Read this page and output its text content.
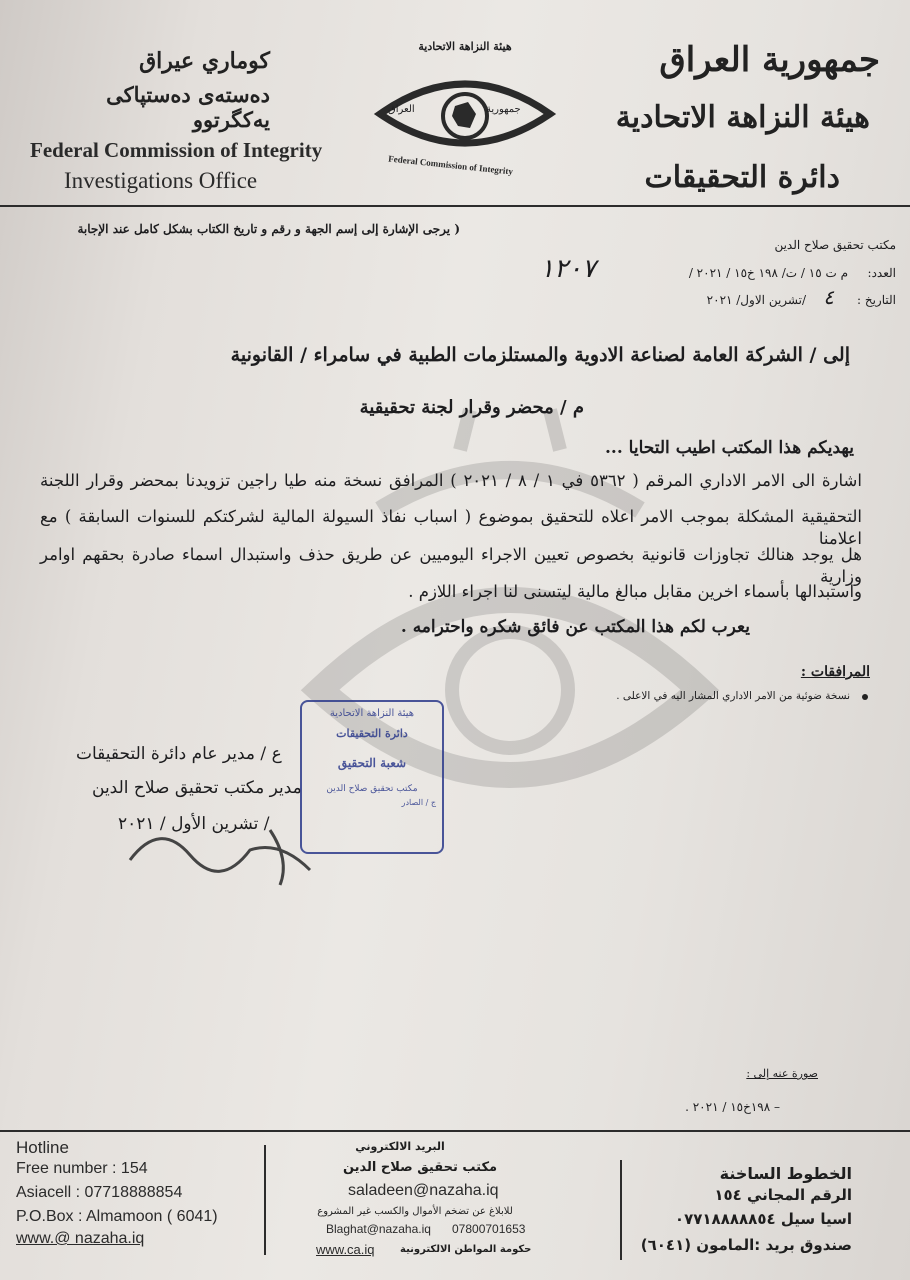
جمهورية العراق
هيئة النزاهة الاتحادية
دائرة التحقيقات
هيئة النزاهة الاتحادية
العراق	جمهورية
Federal Commission of Integrity
كوماري عيراق
دەستەی دەستپاکی یەکگرتوو
Federal Commission of Integrity
Investigations Office
( يرجى الإشارة إلى إسم الجهة و رقم و تاريخ الكتاب بشكل كامل عند الإجابة
مكتب تحقيق صلاح الدين
العدد:
م ت ١٥ / ت/ ١٩٨ خ١٥ / ٢٠٢١ /
١٢٠٧
التاريخ :
٤
/تشرين الاول/ ٢٠٢١
إلى / الشركة العامة لصناعة الادوية والمستلزمات الطبية في سامراء / القانونية
م / محضر وقرار لجنة تحقيقية
يهديكم هذا المكتب اطيب التحايا ...
اشارة الى الامر الاداري المرقم ( ٥٣٦٢ في ١ / ٨ / ٢٠٢١ ) المرافق نسخة منه طيا راجين تزويدنا بمحضر وقرار اللجنة
التحقيقية المشكلة بموجب الامر اعلاه للتحقيق بموضوع ( اسباب نفاذ السيولة المالية لشركتكم للسنوات السابقة ) مع اعلامنا
هل يوجد هنالك تجاوزات قانونية بخصوص تعيين الاجراء اليوميين عن طريق حذف واستبدال اسماء صادرة بحقهم اوامر وزارية
واستبدالها بأسماء اخرين مقابل مبالغ مالية ليتسنى لنا اجراء اللازم .
يعرب لكم هذا المكتب عن فائق شكره واحترامه .
المرافقات :
نسخة ضوئية من الامر الاداري المشار اليه في الاعلى .
ع / مدير عام دائرة التحقيقات
مدير مكتب تحقيق صلاح الدين
/ تشرين الأول / ٢٠٢١
هيئة النزاهة الاتحادية
دائرة التحقيقات
شعبة التحقيق
مكتب تحقيق صلاح الدين
ج / الصادر
صورة عنه إلى :
– ١٩٨خ١٥ / ٢٠٢١ .
Hotline
Free number : 154
Asiacell : 07718888854
P.O.Box : Almamoon ( 6041)
www.@ nazaha.iq
البريد الالكتروني
مكتب تحقيق صلاح الدين
saladeen@nazaha.iq
للابلاغ عن تضخم الأموال والكسب غير المشروع
Blaghat@nazaha.iq 07800701653
www.ca.iq	حكومة المواطن الالكترونية
الخطوط الساخنة
الرقم المجاني ١٥٤
اسيا سيل ٠٧٧١٨٨٨٨٨٥٤
صندوق بريد :المامون (٦٠٤١)
